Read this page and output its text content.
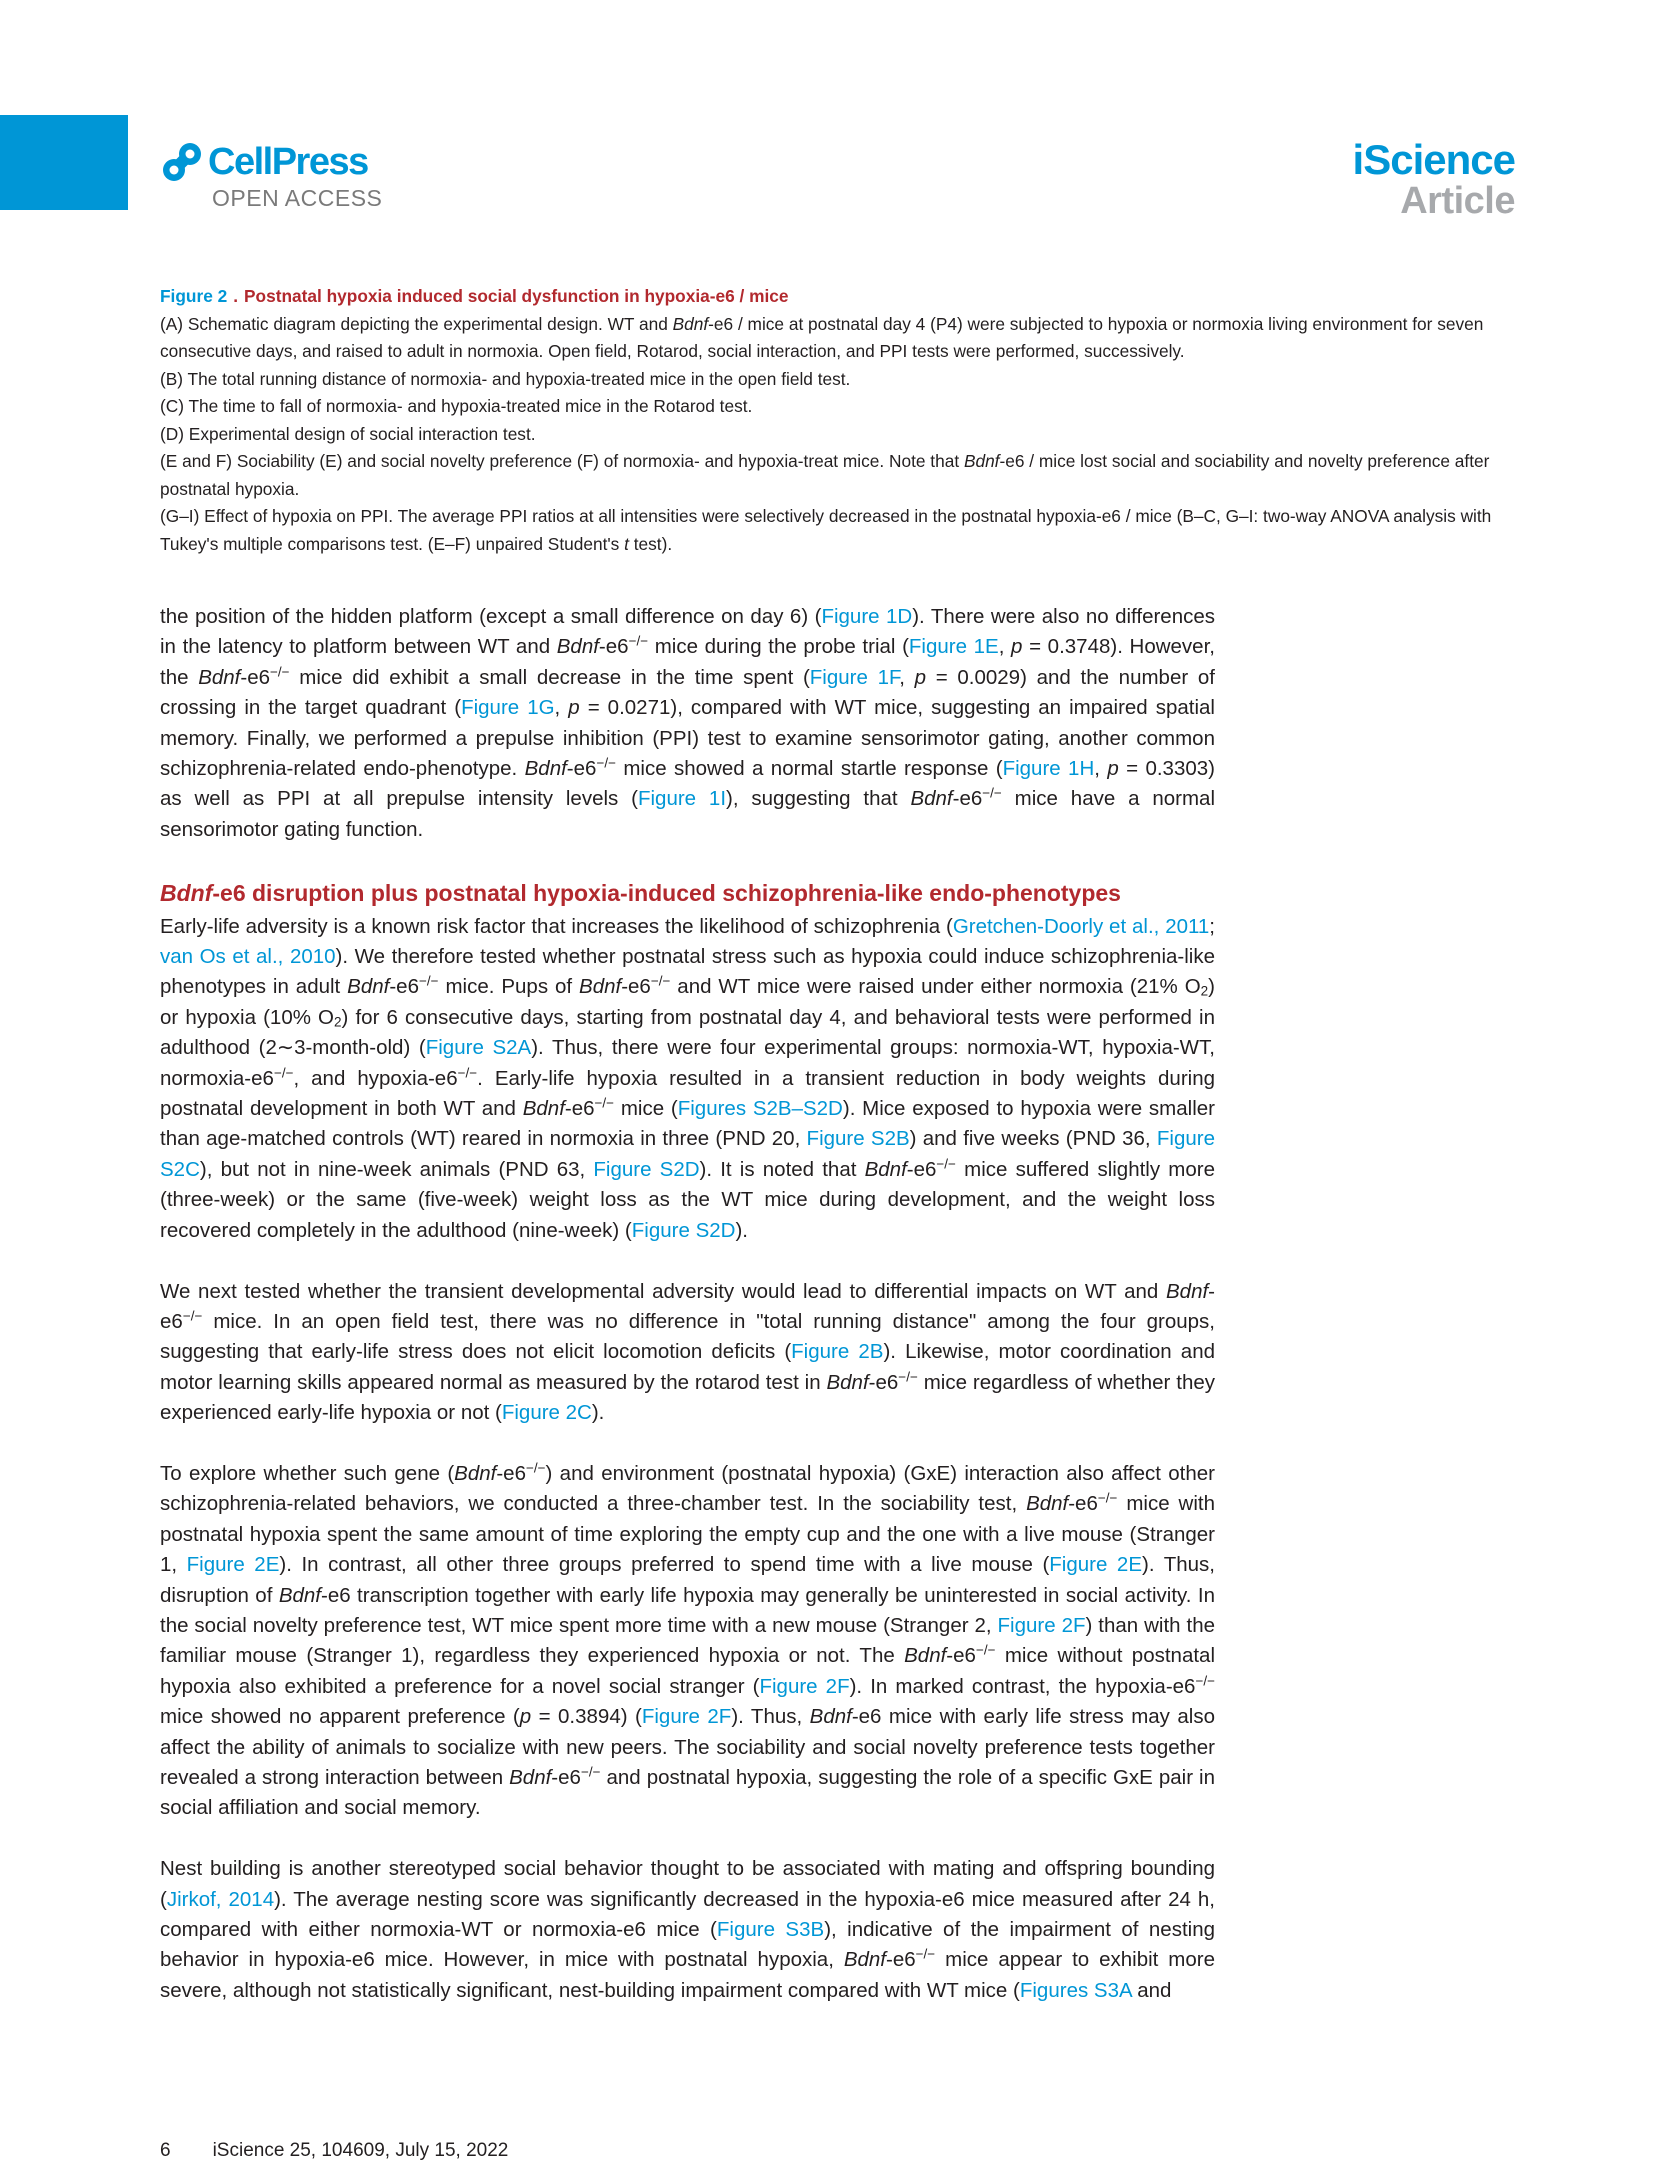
CellPress
OPEN ACCESS
iScience
Article

Figure 2 . Postnatal hypoxia induced social dysfunction in hypoxia-e6 / mice

(A) Schematic diagram depicting the experimental design. WT and Bdnf-e6 / mice at postnatal day 4 (P4) were subjected to hypoxia or normoxia living environment for seven consecutive days, and raised to adult in normoxia. Open field, Rotarod, social interaction, and PPI tests were performed, successively.

(B) The total running distance of normoxia- and hypoxia-treated mice in the open field test.

(C) The time to fall of normoxia- and hypoxia-treated mice in the Rotarod test.

(D) Experimental design of social interaction test.

(E and F) Sociability (E) and social novelty preference (F) of normoxia- and hypoxia-treat mice. Note that Bdnf-e6 / mice lost social and sociability and novelty preference after postnatal hypoxia.

(G–I) Effect of hypoxia on PPI. The average PPI ratios at all intensities were selectively decreased in the postnatal hypoxia-e6 / mice (B–C, G–I: two-way ANOVA analysis with Tukey's multiple comparisons test. (E–F) unpaired Student's t test).

the position of the hidden platform (except a small difference on day 6) (Figure 1D). There were also no differences in the latency to platform between WT and Bdnf-e6−/− mice during the probe trial (Figure 1E, p = 0.3748). However, the Bdnf-e6−/− mice did exhibit a small decrease in the time spent (Figure 1F, p = 0.0029) and the number of crossing in the target quadrant (Figure 1G, p = 0.0271), compared with WT mice, suggesting an impaired spatial memory. Finally, we performed a prepulse inhibition (PPI) test to examine sensorimotor gating, another common schizophrenia-related endo-phenotype. Bdnf-e6−/− mice showed a normal startle response (Figure 1H, p = 0.3303) as well as PPI at all prepulse intensity levels (Figure 1I), suggesting that Bdnf-e6−/− mice have a normal sensorimotor gating function.

Bdnf-e6 disruption plus postnatal hypoxia-induced schizophrenia-like endo-phenotypes

Early-life adversity is a known risk factor that increases the likelihood of schizophrenia (Gretchen-Doorly et al., 2011; van Os et al., 2010). We therefore tested whether postnatal stress such as hypoxia could induce schizophrenia-like phenotypes in adult Bdnf-e6−/− mice. Pups of Bdnf-e6−/− and WT mice were raised under either normoxia (21% $O_2$) or hypoxia (10% $O_2$) for 6 consecutive days, starting from postnatal day 4, and behavioral tests were performed in adulthood (2∼3-month-old) (Figure S2A). Thus, there were four experimental groups: normoxia-WT, hypoxia-WT, normoxia-e6−/−, and hypoxia-e6−/−. Early-life hypoxia resulted in a transient reduction in body weights during postnatal development in both WT and Bdnf-e6−/− mice (Figures S2B–S2D). Mice exposed to hypoxia were smaller than age-matched controls (WT) reared in normoxia in three (PND 20, Figure S2B) and five weeks (PND 36, Figure S2C), but not in nine-week animals (PND 63, Figure S2D). It is noted that Bdnf-e6−/− mice suffered slightly more (three-week) or the same (five-week) weight loss as the WT mice during development, and the weight loss recovered completely in the adulthood (nine-week) (Figure S2D).

We next tested whether the transient developmental adversity would lead to differential impacts on WT and Bdnf-e6−/− mice. In an open field test, there was no difference in "total running distance" among the four groups, suggesting that early-life stress does not elicit locomotion deficits (Figure 2B). Likewise, motor coordination and motor learning skills appeared normal as measured by the rotarod test in Bdnf-e6−/− mice regardless of whether they experienced early-life hypoxia or not (Figure 2C).

To explore whether such gene (Bdnf-e6−/−) and environment (postnatal hypoxia) (GxE) interaction also affect other schizophrenia-related behaviors, we conducted a three-chamber test. In the sociability test, Bdnf-e6−/− mice with postnatal hypoxia spent the same amount of time exploring the empty cup and the one with a live mouse (Stranger 1, Figure 2E). In contrast, all other three groups preferred to spend time with a live mouse (Figure 2E). Thus, disruption of Bdnf-e6 transcription together with early life hypoxia may generally be uninterested in social activity. In the social novelty preference test, WT mice spent more time with a new mouse (Stranger 2, Figure 2F) than with the familiar mouse (Stranger 1), regardless they experienced hypoxia or not. The Bdnf-e6−/− mice without postnatal hypoxia also exhibited a preference for a novel social stranger (Figure 2F). In marked contrast, the hypoxia-e6−/− mice showed no apparent preference (p = 0.3894) (Figure 2F). Thus, Bdnf-e6 mice with early life stress may also affect the ability of animals to socialize with new peers. The sociability and social novelty preference tests together revealed a strong interaction between Bdnf-e6−/− and postnatal hypoxia, suggesting the role of a specific GxE pair in social affiliation and social memory.

Nest building is another stereotyped social behavior thought to be associated with mating and offspring bounding (Jirkof, 2014). The average nesting score was significantly decreased in the hypoxia-e6 mice measured after 24 h, compared with either normoxia-WT or normoxia-e6 mice (Figure S3B), indicative of the impairment of nesting behavior in hypoxia-e6 mice. However, in mice with postnatal hypoxia, Bdnf-e6−/− mice appear to exhibit more severe, although not statistically significant, nest-building impairment compared with WT mice (Figures S3A and

6 iScience 25, 104609, July 15, 2022
